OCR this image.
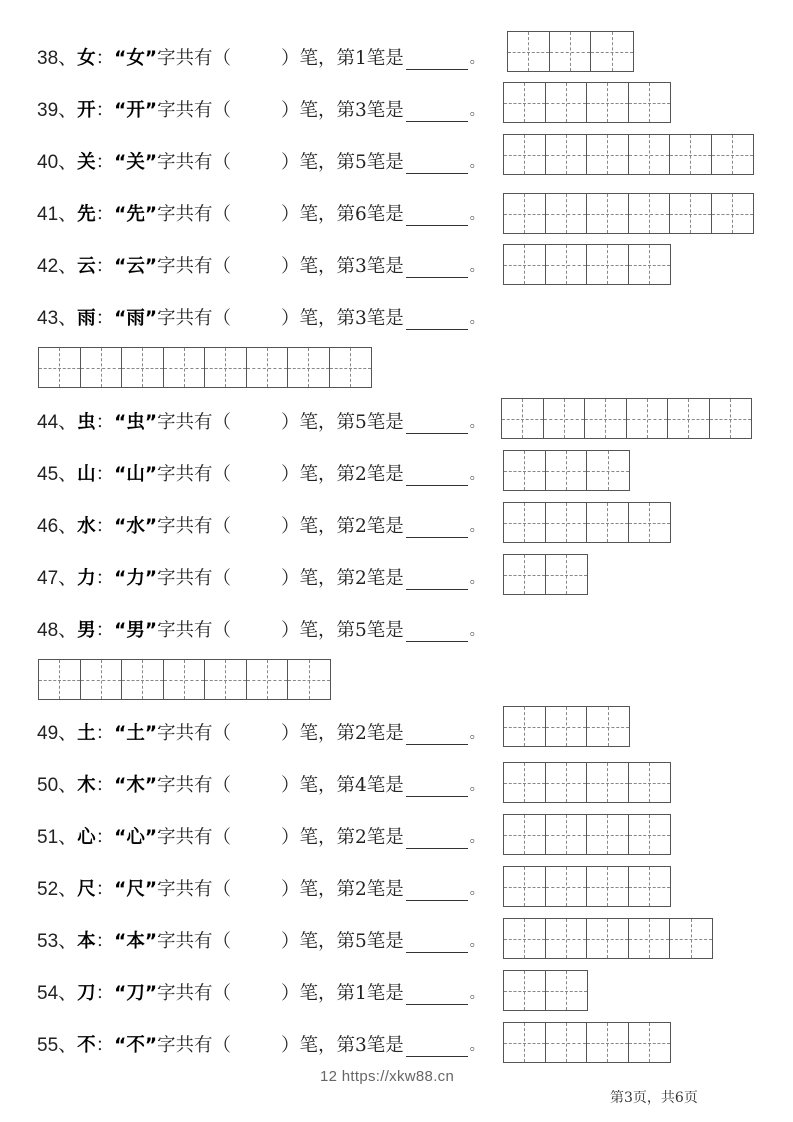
38、 女 ： “女” 字共有（	）笔，第1笔是	。
39、 开 ： “开” 字共有（	）笔，第3笔是	。
40、 关 ： “关” 字共有（	）笔，第5笔是	。
41、 先 ： “先” 字共有（	）笔，第6笔是	。
42、 云 ： “云” 字共有（	）笔，第3笔是	。
43、 雨 ： “雨” 字共有（	）笔，第3笔是	。
44、 虫 ： “虫” 字共有（	）笔，第5笔是	。
45、 山 ： “山” 字共有（	）笔，第2笔是	。
46、 水 ： “水” 字共有（	）笔，第2笔是	。
47、 力 ： “力” 字共有（	）笔，第2笔是	。
48、 男 ： “男” 字共有（	）笔，第5笔是	。
49、 土 ： “土” 字共有（	）笔，第2笔是	。
50、 木 ： “木” 字共有（	）笔，第4笔是	。
51、 心 ： “心” 字共有（	）笔，第2笔是	。
52、 尺 ： “尺” 字共有（	）笔，第2笔是	。
53、 本 ： “本” 字共有（	）笔，第5笔是	。
54、 刀 ： “刀” 字共有（	）笔，第1笔是	。
55、 不 ： “不” 字共有（	）笔，第3笔是	。
12 https://xkw88.cn
第3页，共6页
